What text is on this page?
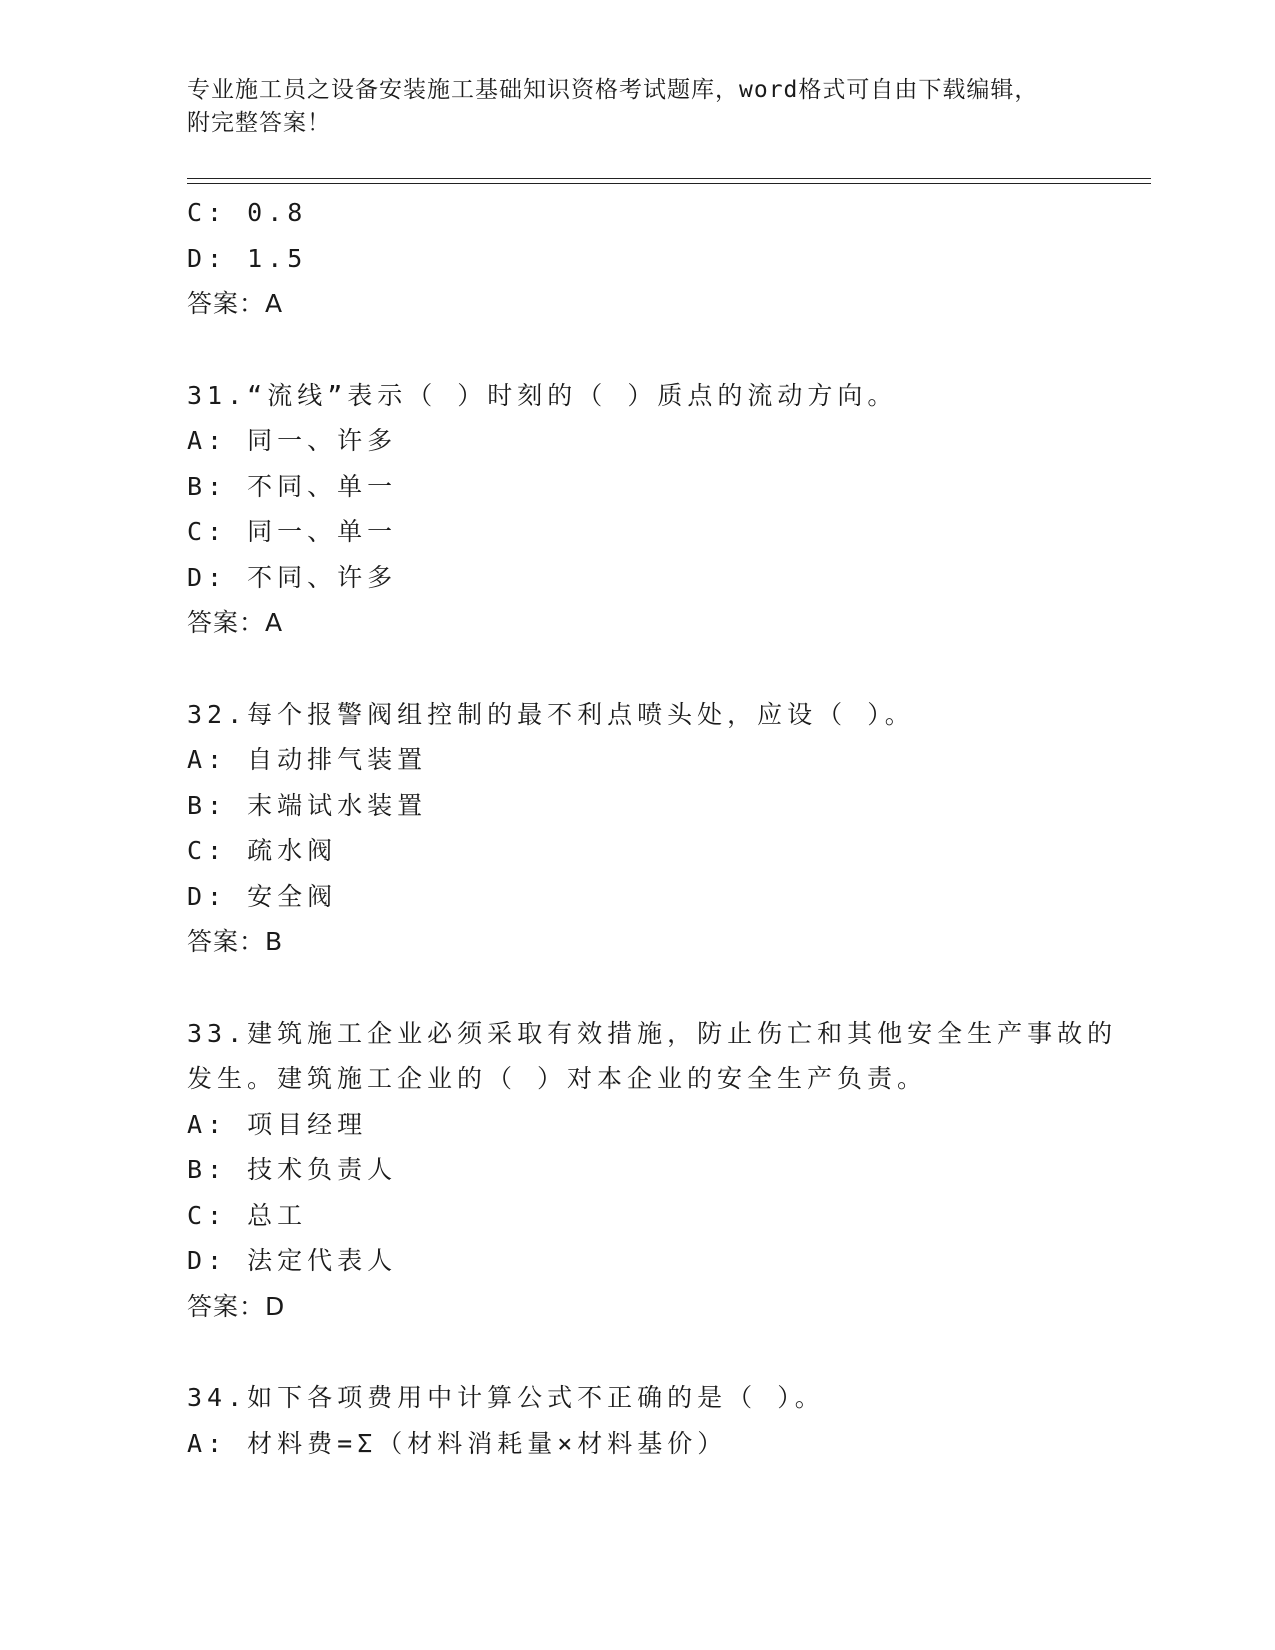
专业施工员之设备安装施工基础知识资格考试题库，word格式可自由下载编辑，
附完整答案！
C: 0.8
D: 1.5
答案：A
31.“流线”表示（ ）时刻的（ ）质点的流动方向。
A: 同一、许多
B: 不同、单一
C: 同一、单一
D: 不同、许多
答案：A
32.每个报警阀组控制的最不利点喷头处，应设（ ）。
A: 自动排气装置
B: 末端试水装置
C: 疏水阀
D: 安全阀
答案：B
33.建筑施工企业必须采取有效措施，防止伤亡和其他安全生产事故的
发生。建筑施工企业的（ ）对本企业的安全生产负责。
A: 项目经理
B: 技术负责人
C: 总工
D: 法定代表人
答案：D
34.如下各项费用中计算公式不正确的是（ ）。
A: 材料费=Σ（材料消耗量×材料基价）
